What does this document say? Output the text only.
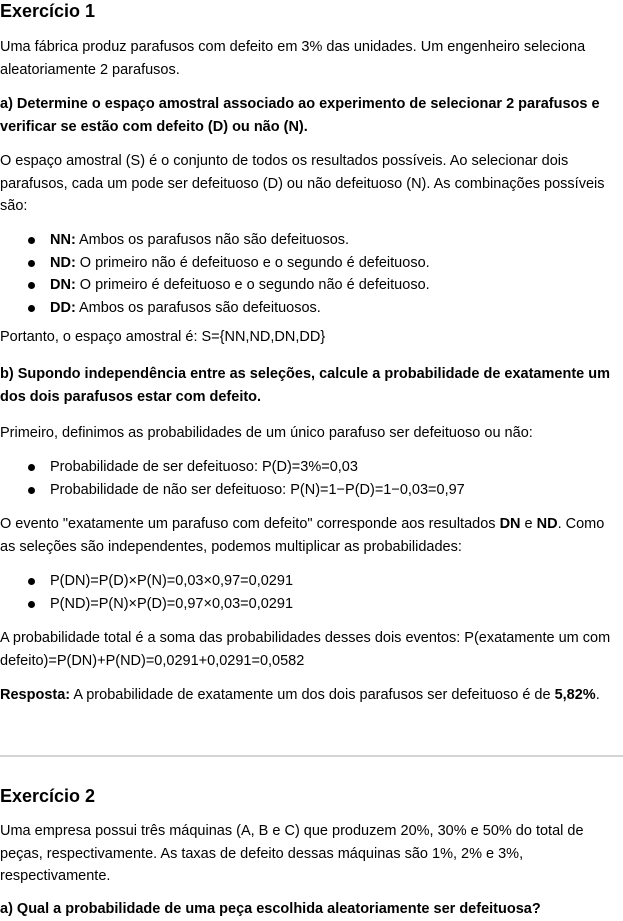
Exercício 1

Uma fábrica produz parafusos com defeito em 3% das unidades. Um engenheiro seleciona aleatoriamente 2 parafusos.

a) Determine o espaço amostral associado ao experimento de selecionar 2 parafusos e verificar se estão com defeito (D) ou não (N).

O espaço amostral (S) é o conjunto de todos os resultados possíveis. Ao selecionar dois parafusos, cada um pode ser defeituoso (D) ou não defeituoso (N). As combinações possíveis são:

NN: Ambos os parafusos não são defeituosos.
ND: O primeiro não é defeituoso e o segundo é defeituoso.
DN: O primeiro é defeituoso e o segundo não é defeituoso.
DD: Ambos os parafusos são defeituosos.

Portanto, o espaço amostral é: S={NN,ND,DN,DD}

b) Supondo independência entre as seleções, calcule a probabilidade de exatamente um dos dois parafusos estar com defeito.

Primeiro, definimos as probabilidades de um único parafuso ser defeituoso ou não:

Probabilidade de ser defeituoso: P(D)=3%=0,03
Probabilidade de não ser defeituoso: P(N)=1−P(D)=1−0,03=0,97

O evento "exatamente um parafuso com defeito" corresponde aos resultados DN e ND. Como as seleções são independentes, podemos multiplicar as probabilidades:

P(DN)=P(D)×P(N)=0,03×0,97=0,0291
P(ND)=P(N)×P(D)=0,97×0,03=0,0291

A probabilidade total é a soma das probabilidades desses dois eventos: P(exatamente um com defeito)=P(DN)+P(ND)=0,0291+0,0291=0,0582

Resposta: A probabilidade de exatamente um dos dois parafusos ser defeituoso é de 5,82%.

Exercício 2

Uma empresa possui três máquinas (A, B e C) que produzem 20%, 30% e 50% do total de peças, respectivamente. As taxas de defeito dessas máquinas são 1%, 2% e 3%, respectivamente.

a) Qual a probabilidade de uma peça escolhida aleatoriamente ser defeituosa?
